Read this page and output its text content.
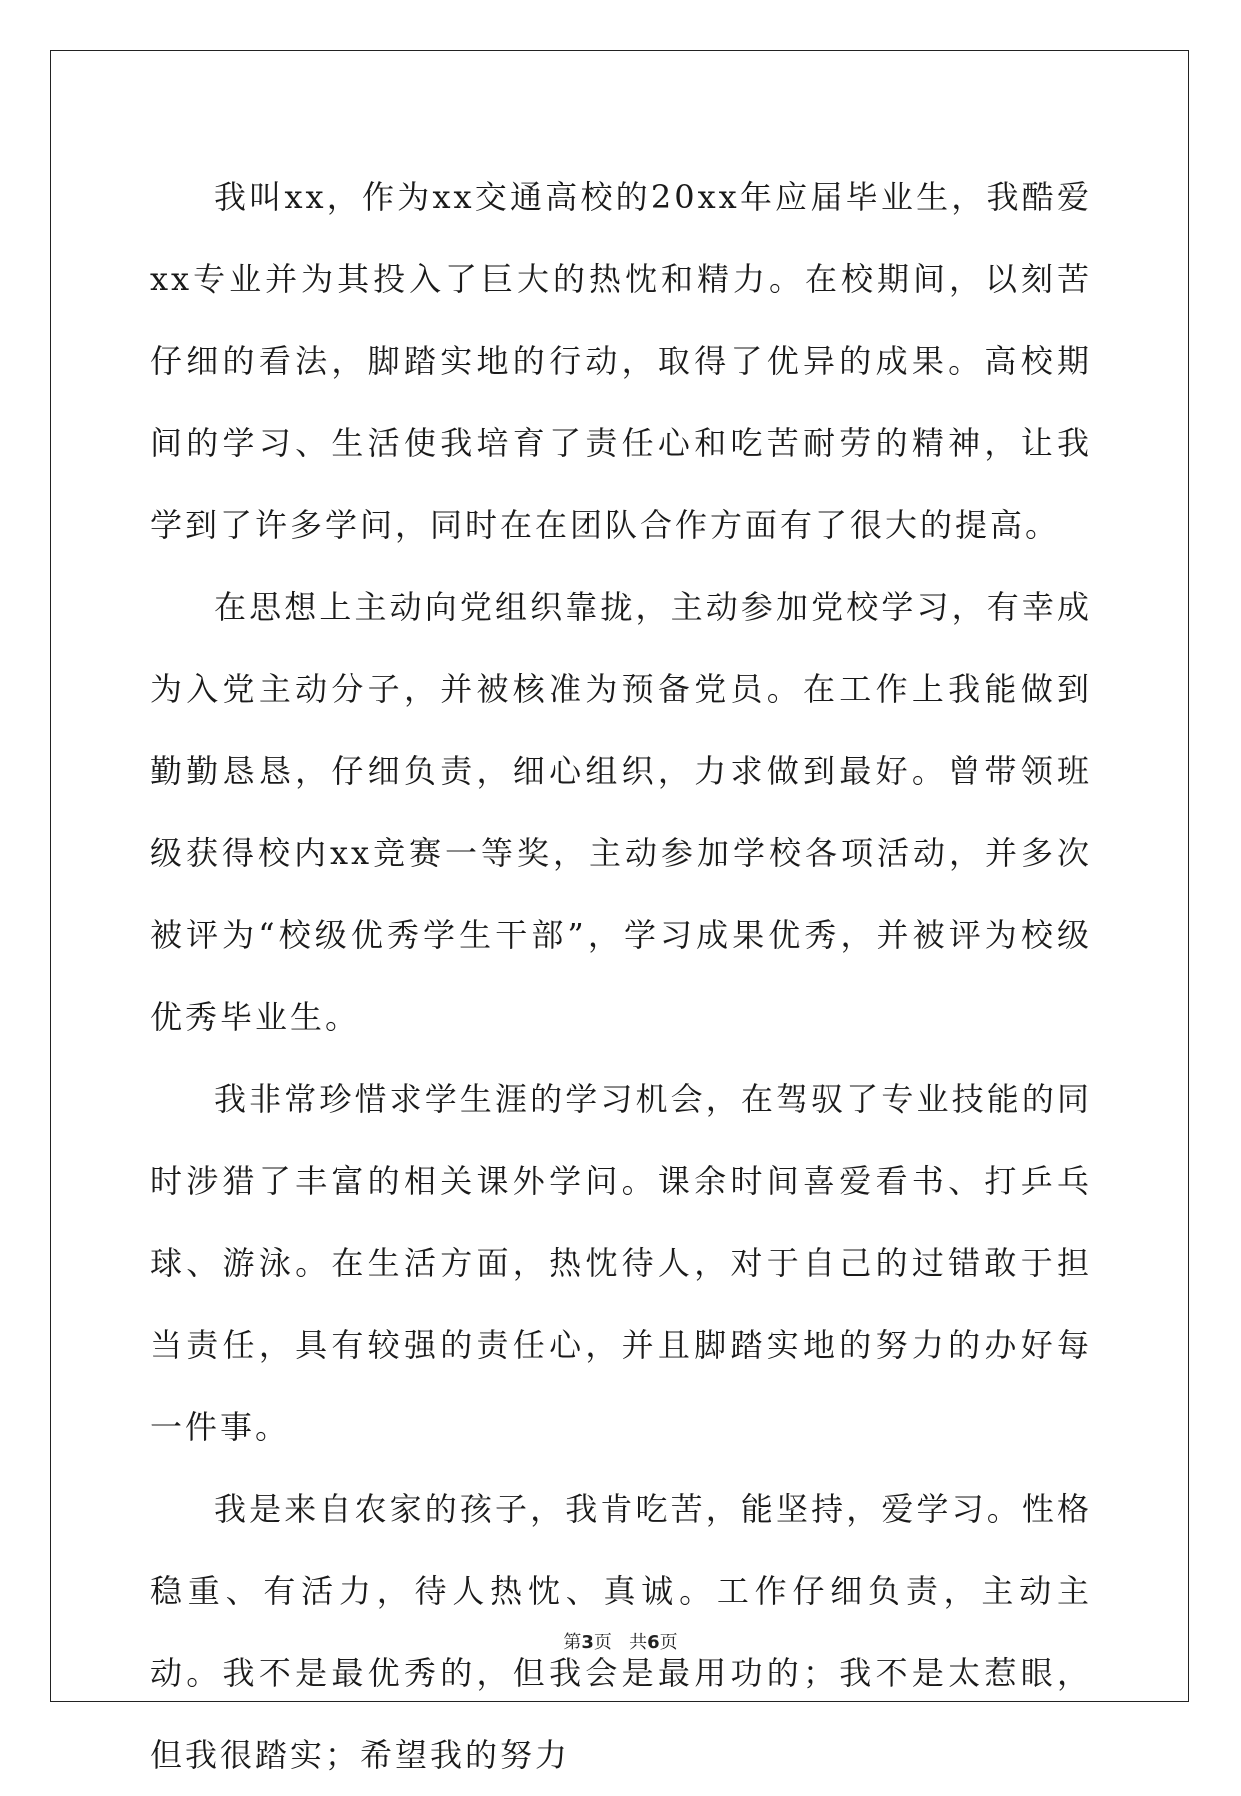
我叫xx，作为xx交通高校的20xx年应届毕业生，我酷爱xx专业并为其投入了巨大的热忱和精力。在校期间，以刻苦仔细的看法，脚踏实地的行动，取得了优异的成果。高校期间的学习、生活使我培育了责任心和吃苦耐劳的精神，让我学到了许多学问，同时在在团队合作方面有了很大的提高。

在思想上主动向党组织靠拢，主动参加党校学习，有幸成为入党主动分子，并被核准为预备党员。在工作上我能做到勤勤恳恳，仔细负责，细心组织，力求做到最好。曾带领班级获得校内xx竞赛一等奖，主动参加学校各项活动，并多次被评为“校级优秀学生干部”，学习成果优秀，并被评为校级优秀毕业生。

我非常珍惜求学生涯的学习机会，在驾驭了专业技能的同时涉猎了丰富的相关课外学问。课余时间喜爱看书、打乒乓球、游泳。在生活方面，热忱待人，对于自己的过错敢于担当责任，具有较强的责任心，并且脚踏实地的努力的办好每一件事。

我是来自农家的孩子，我肯吃苦，能坚持，爱学习。性格稳重、有活力，待人热忱、真诚。工作仔细负责，主动主动。我不是最优秀的，但我会是最用功的；我不是太惹眼，但我很踏实；希望我的努力

第3页 共6页
